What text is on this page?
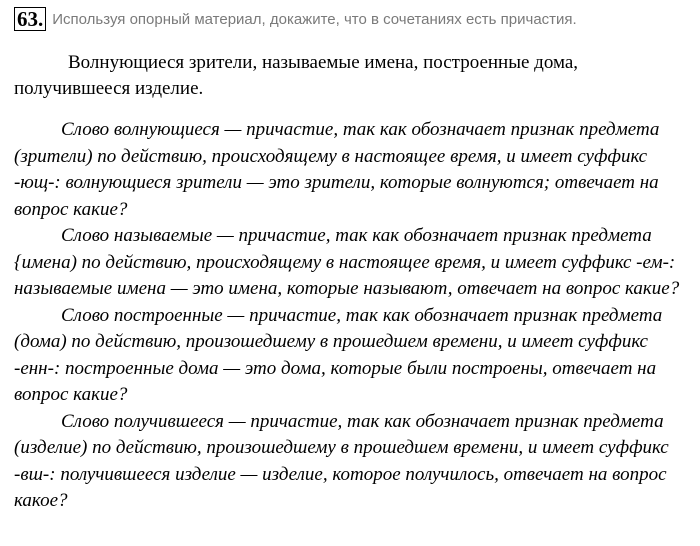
63. Используя опорный материал, докажите, что в сочетаниях есть причастия.

Волнующиеся зрители, называемые имена, построенные дома, получившееся изделие.

Слово волнующиеся — причастие, так как обозначает признак предмета (зрители) по действию, происходящему в настоящее время, и имеет суффикс -ющ-: волнующиеся зрители — это зрители, которые волнуются; отвечает на вопрос какие?

Слово называемые — причастие, так как обозначает признак предмета {имена) по действию, происходящему в настоящее время, и имеет суффикс -ем-: называемые имена — это имена, которые называют, отвечает на вопрос какие?

Слово построенные — причастие, так как обозначает признак предмета (дома) по действию, произошедшему в прошедшем времени, и имеет суффикс -енн-: построенные дома — это дома, которые были построены, отвечает на вопрос какие?

Слово получившееся — причастие, так как обозначает признак предмета (изделие) по действию, произошедшему в прошедшем времени, и имеет суффикс -вш-: получившееся изделие — изделие, которое получилось, отвечает на вопрос какое?
